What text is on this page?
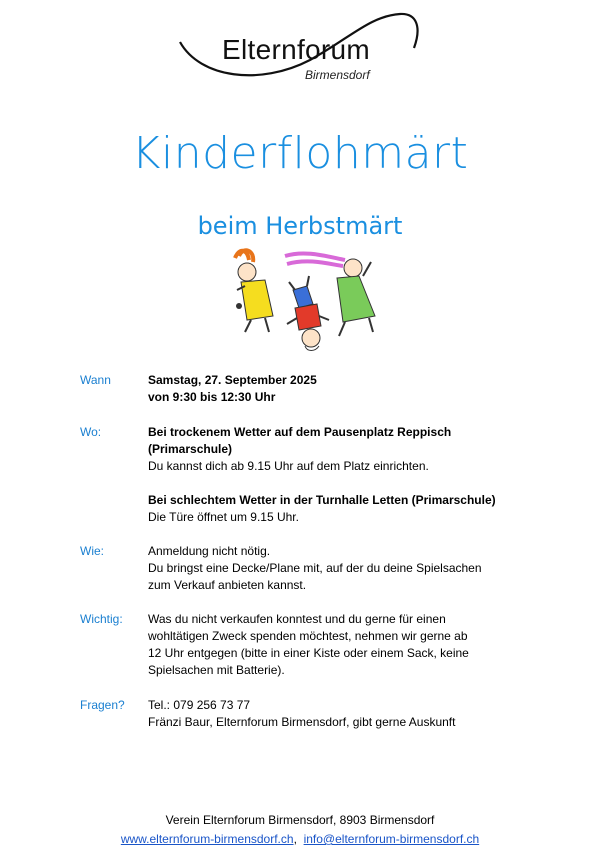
Elternforum
Birmensdorf
Kinderflohmärt
beim Herbstmärt
Wann	Samstag, 27. September 2025
von 9:30 bis 12:30 Uhr
Wo:	Bei trockenem Wetter auf dem Pausenplatz Reppisch
(Primarschule)
Du kannst dich ab 9.15 Uhr auf dem Platz einrichten.
Bei schlechtem Wetter in der Turnhalle Letten (Primarschule)
Die Türe öffnet um 9.15 Uhr.
Wie:	Anmeldung nicht nötig.
Du bringst eine Decke/Plane mit, auf der du deine Spielsachen
zum Verkauf anbieten kannst.
Wichtig: Was du nicht verkaufen konntest und du gerne für einen
wohltätigen Zweck spenden möchtest, nehmen wir gerne ab
12 Uhr entgegen (bitte in einer Kiste oder einem Sack, keine
Spielsachen mit Batterie).
Fragen? Tel.: 079 256 73 77
Fränzi Baur, Elternforum Birmensdorf, gibt gerne Auskunft
Verein Elternforum Birmensdorf, 8903 Birmensdorf
www.elternforum-birmensdorf.ch, info@elternforum-birmensdorf.ch
